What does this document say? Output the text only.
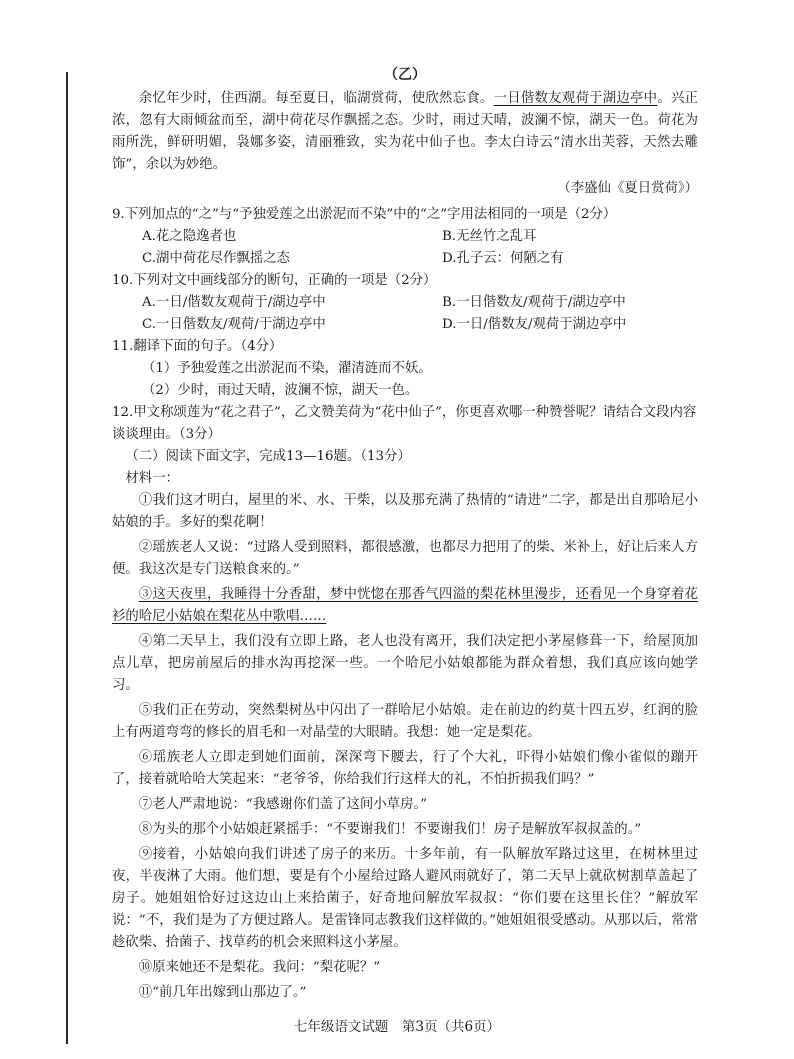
（乙）

余忆年少时，住西湖。每至夏日，临湖赏荷，使欣然忘食。一日偕数友观荷于湖边亭中。兴正浓，忽有大雨倾盆而至，湖中荷花尽作飘摇之态。少时，雨过天晴，波澜不惊，湖天一色。荷花为雨所洗，鲜研明媚，袅娜多姿，清丽雅致，实为花中仙子也。李太白诗云“清水出芙蓉，天然去雕饰”，余以为妙绝。

（李盛仙《夏日赏荷》）

9.下列加点的“之”与“予独爱莲之出淤泥而不染”中的“之”字用法相同的一项是（2分）

A.花之隐逸者也	B.无丝竹之乱耳
C.湖中荷花尽作飘摇之态	D.孔子云：何陋之有

10.下列对文中画线部分的断句，正确的一项是（2分）

A.一日/偕数友观荷于/湖边亭中	B.一日偕数友/观荷于/湖边亭中
C.一日偕数友/观荷/于湖边亭中	D.一日/偕数友/观荷于湖边亭中

11.翻译下面的句子。（4分）

（1）予独爱莲之出淤泥而不染，濯清涟而不妖。

（2）少时，雨过天晴，波澜不惊，湖天一色。

12.甲文称颂莲为“花之君子”，乙文赞美荷为“花中仙子”，你更喜欢哪一种赞誉呢？请结合文段内容谈谈理由。（3分）

（二）阅读下面文字，完成13—16题。（13分）

材料一：

①我们这才明白，屋里的米、水、干柴，以及那充满了热情的“请进”二字，都是出自那哈尼小姑娘的手。多好的梨花啊！

②瑶族老人又说：“过路人受到照料，都很感激，也都尽力把用了的柴、米补上，好让后来人方便。我这次是专门送粮食来的。”

③这天夜里，我睡得十分香甜，梦中恍惚在那香气四溢的梨花林里漫步，还看见一个身穿着花衫的哈尼小姑娘在梨花丛中歌唱……

④第二天早上，我们没有立即上路，老人也没有离开，我们决定把小茅屋修葺一下，给屋顶加点儿草，把房前屋后的排水沟再挖深一些。一个哈尼小姑娘都能为群众着想，我们真应该向她学习。

⑤我们正在劳动，突然梨树丛中闪出了一群哈尼小姑娘。走在前边的约莫十四五岁，红润的脸上有两道弯弯的修长的眉毛和一对晶莹的大眼睛。我想：她一定是梨花。

⑥瑶族老人立即走到她们面前，深深弯下腰去，行了个大礼，吓得小姑娘们像小雀似的蹦开了，接着就哈哈大笑起来：“老爷爷，你给我们行这样大的礼，不怕折损我们吗？”

⑦老人严肃地说：“我感谢你们盖了这间小草房。”

⑧为头的那个小姑娘赶紧摇手：“不要谢我们！不要谢我们！房子是解放军叔叔盖的。”

⑨接着，小姑娘向我们讲述了房子的来历。十多年前，有一队解放军路过这里，在树林里过夜，半夜淋了大雨。他们想，要是有个小屋给过路人避风雨就好了，第二天早上就砍树割草盖起了房子。她姐姐恰好过这边山上来拾菌子，好奇地问解放军叔叔：“你们要在这里长住？”解放军说：“不，我们是为了方便过路人。是雷锋同志教我们这样做的。”她姐姐很受感动。从那以后，常常趁砍柴、拾菌子、找草药的机会来照料这小茅屋。

⑩原来她还不是梨花。我问：“梨花呢？”

⑪“前几年出嫁到山那边了。”

七年级语文试题　第3页（共6页）
